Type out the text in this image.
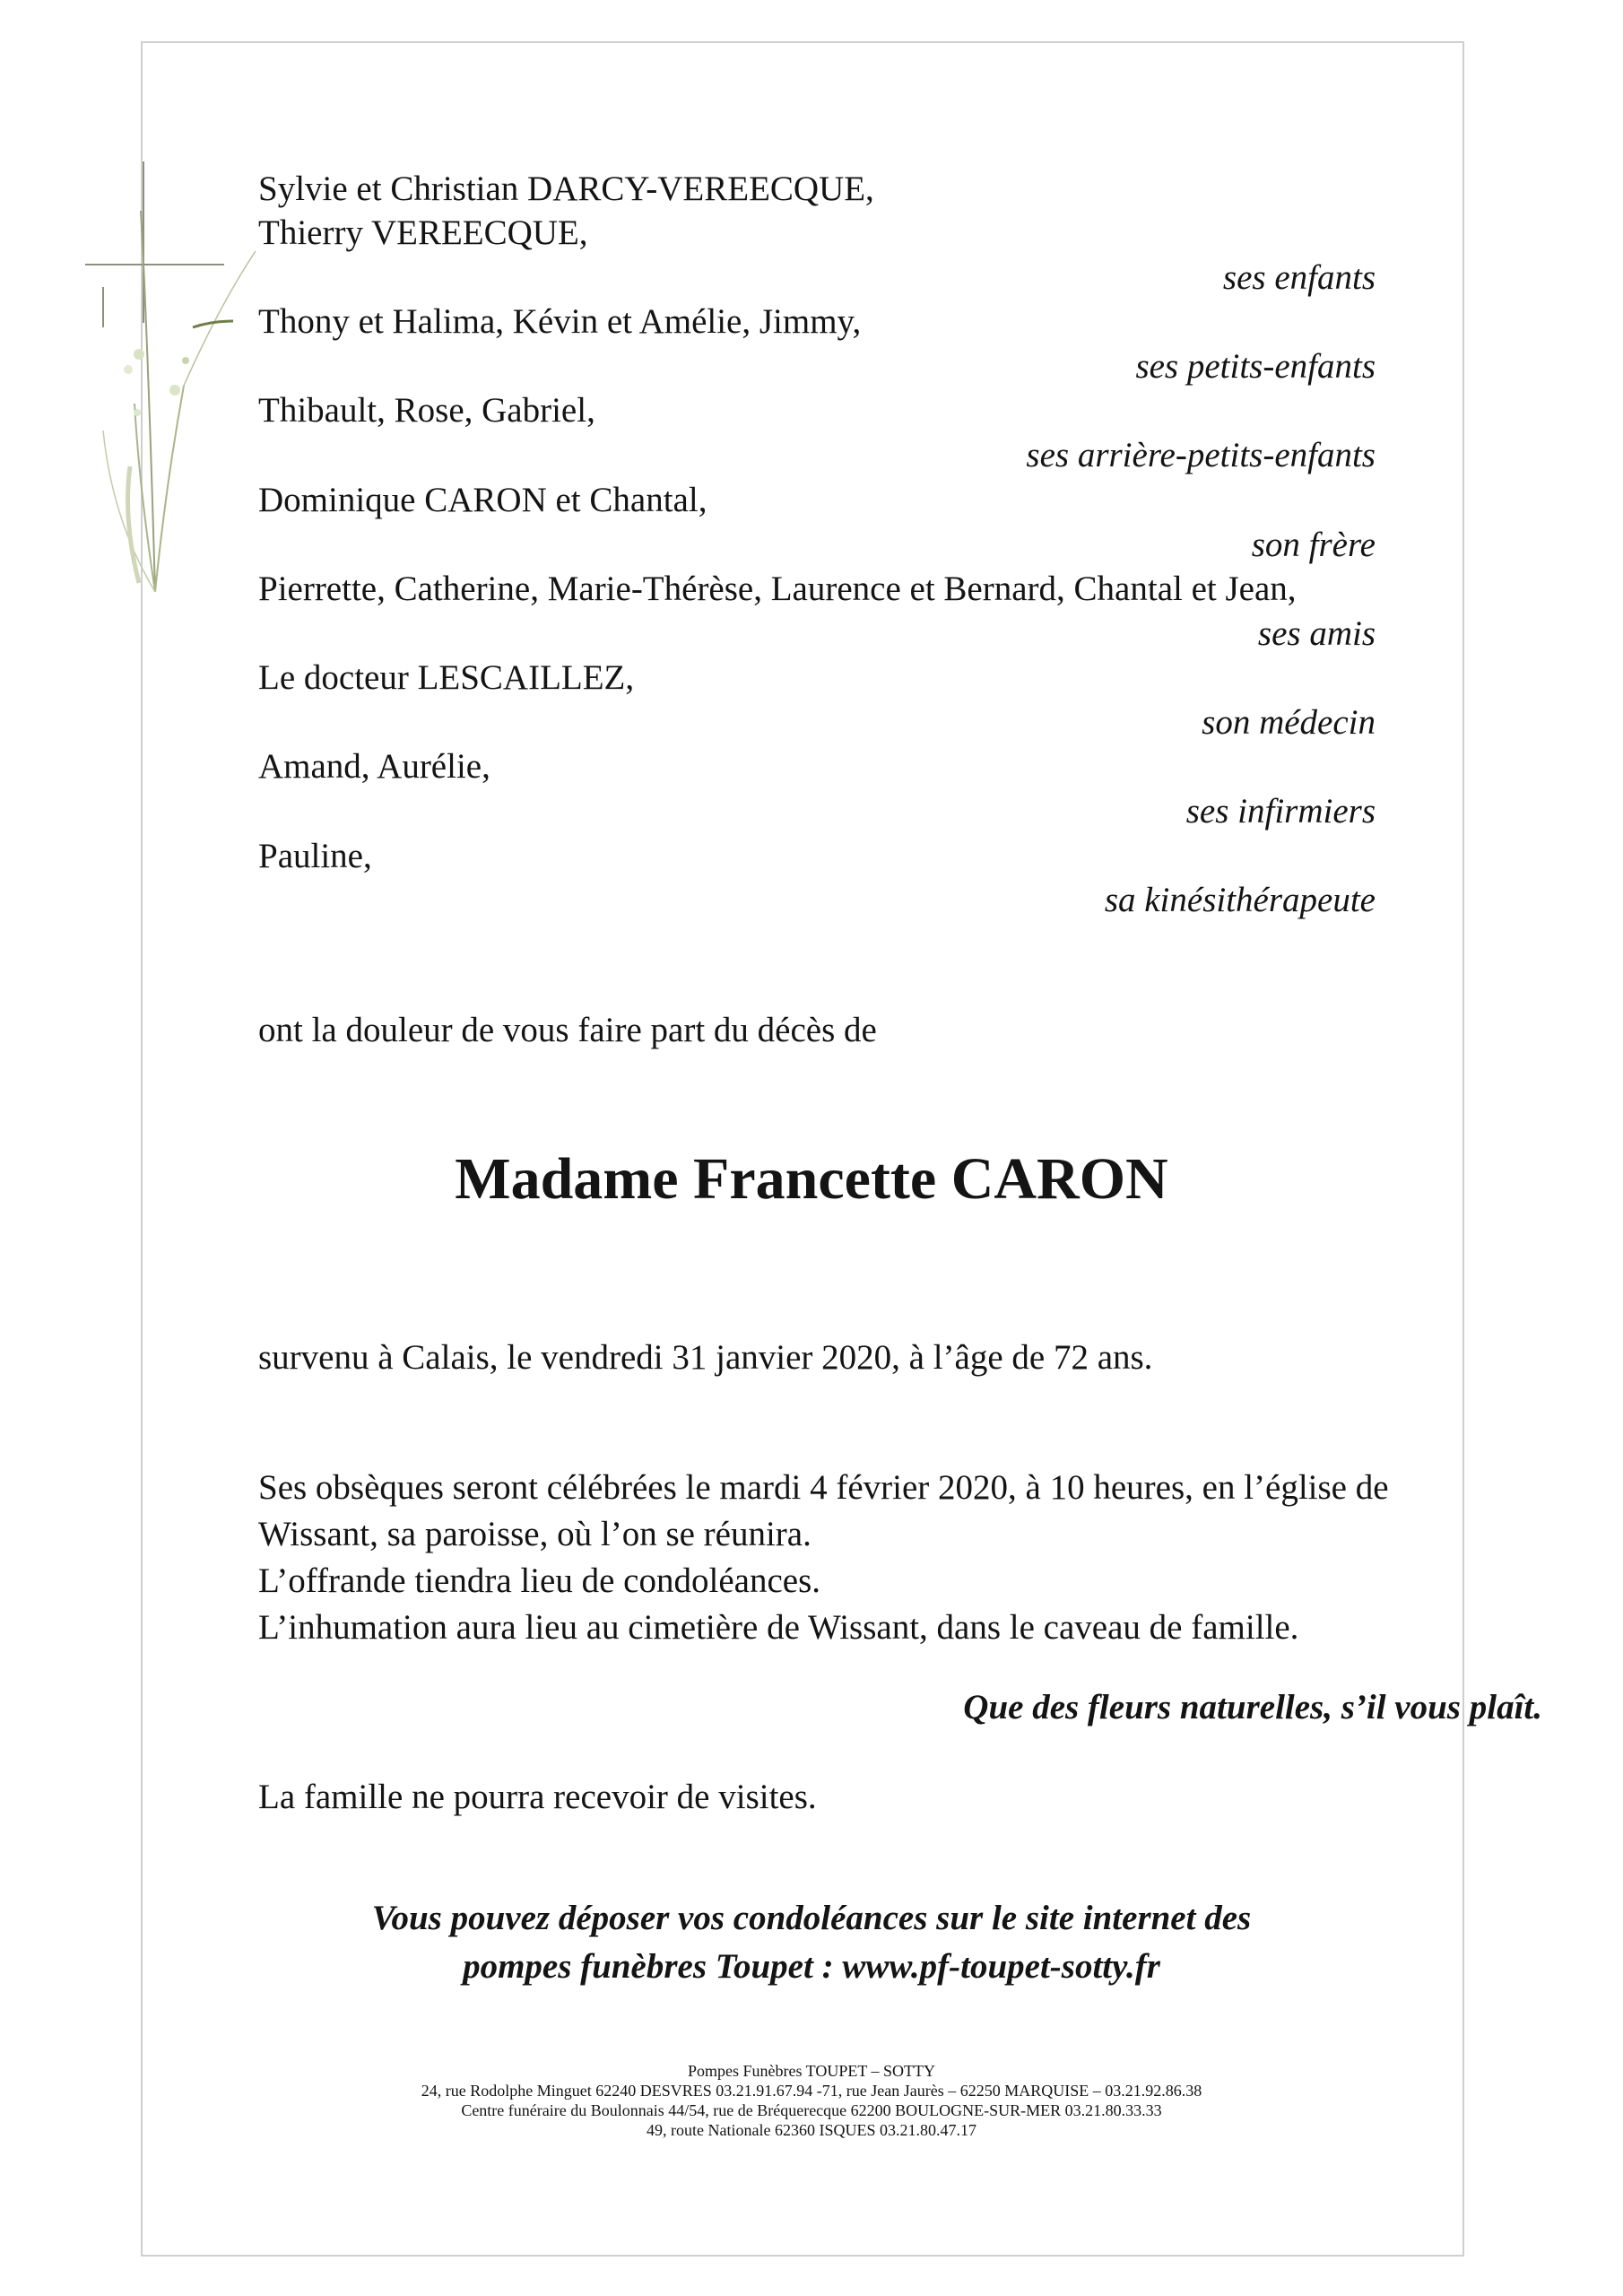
Sylvie et Christian DARCY-VEREECQUE,
Thierry VEREECQUE,
Thony et Halima, Kévin et Amélie, Jimmy,
Thibault, Rose, Gabriel,
Dominique CARON et Chantal,
Pierrette, Catherine, Marie-Thérèse, Laurence et Bernard, Chantal et Jean,
Le docteur LESCAILLEZ,
Amand, Aurélie,
Pauline,
ses enfants
ses petits-enfants
ses arrière-petits-enfants
son frère
ses amis
son médecin
ses infirmiers
sa kinésithérapeute
ont la douleur de vous faire part du décès de
Madame Francette CARON
survenu à Calais, le vendredi 31 janvier 2020, à l’âge de 72 ans.
Ses obsèques seront célébrées le mardi 4 février 2020, à 10 heures, en l’église de
Wissant, sa paroisse, où l’on se réunira.
L’offrande tiendra lieu de condoléances.
L’inhumation aura lieu au cimetière de Wissant, dans le caveau de famille.
Que des fleurs naturelles, s’il vous plaît.
La famille ne pourra recevoir de visites.
Vous pouvez déposer vos condoléances sur le site internet des
pompes funèbres Toupet : www.pf-toupet-sotty.fr
Pompes Funèbres TOUPET – SOTTY
24, rue Rodolphe Minguet 62240 DESVRES 03.21.91.67.94 -71, rue Jean Jaurès – 62250 MARQUISE – 03.21.92.86.38
Centre funéraire du Boulonnais 44/54, rue de Bréquerecque 62200 BOULOGNE-SUR-MER 03.21.80.33.33
49, route Nationale 62360 ISQUES 03.21.80.47.17
